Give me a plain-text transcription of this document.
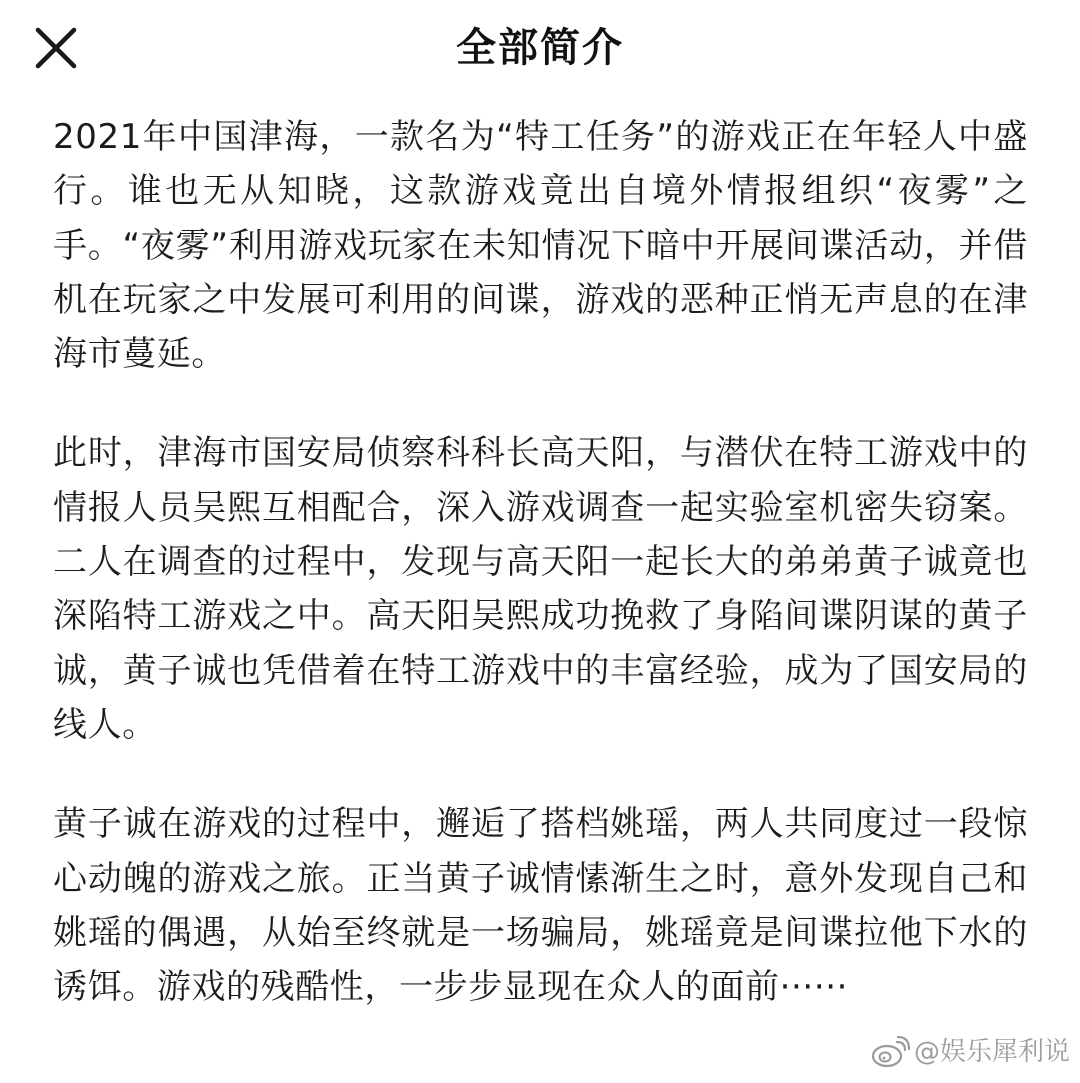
全部简介

2021年中国津海，一款名为“特工任务”的游戏正在年轻人中盛行。谁也无从知晓，这款游戏竟出自境外情报组织“夜雾”之手。“夜雾”利用游戏玩家在未知情况下暗中开展间谍活动，并借机在玩家之中发展可利用的间谍，游戏的恶种正悄无声息的在津海市蔓延。

此时，津海市国安局侦察科科长高天阳，与潜伏在特工游戏中的情报人员吴熙互相配合，深入游戏调查一起实验室机密失窃案。二人在调查的过程中，发现与高天阳一起长大的弟弟黄子诚竟也深陷特工游戏之中。高天阳吴熙成功挽救了身陷间谍阴谋的黄子诚，黄子诚也凭借着在特工游戏中的丰富经验，成为了国安局的线人。

黄子诚在游戏的过程中，邂逅了搭档姚瑶，两人共同度过一段惊心动魄的游戏之旅。正当黄子诚情愫渐生之时，意外发现自己和姚瑶的偶遇，从始至终就是一场骗局，姚瑶竟是间谍拉他下水的诱饵。游戏的残酷性，一步步显现在众人的面前······

@娱乐犀利说
